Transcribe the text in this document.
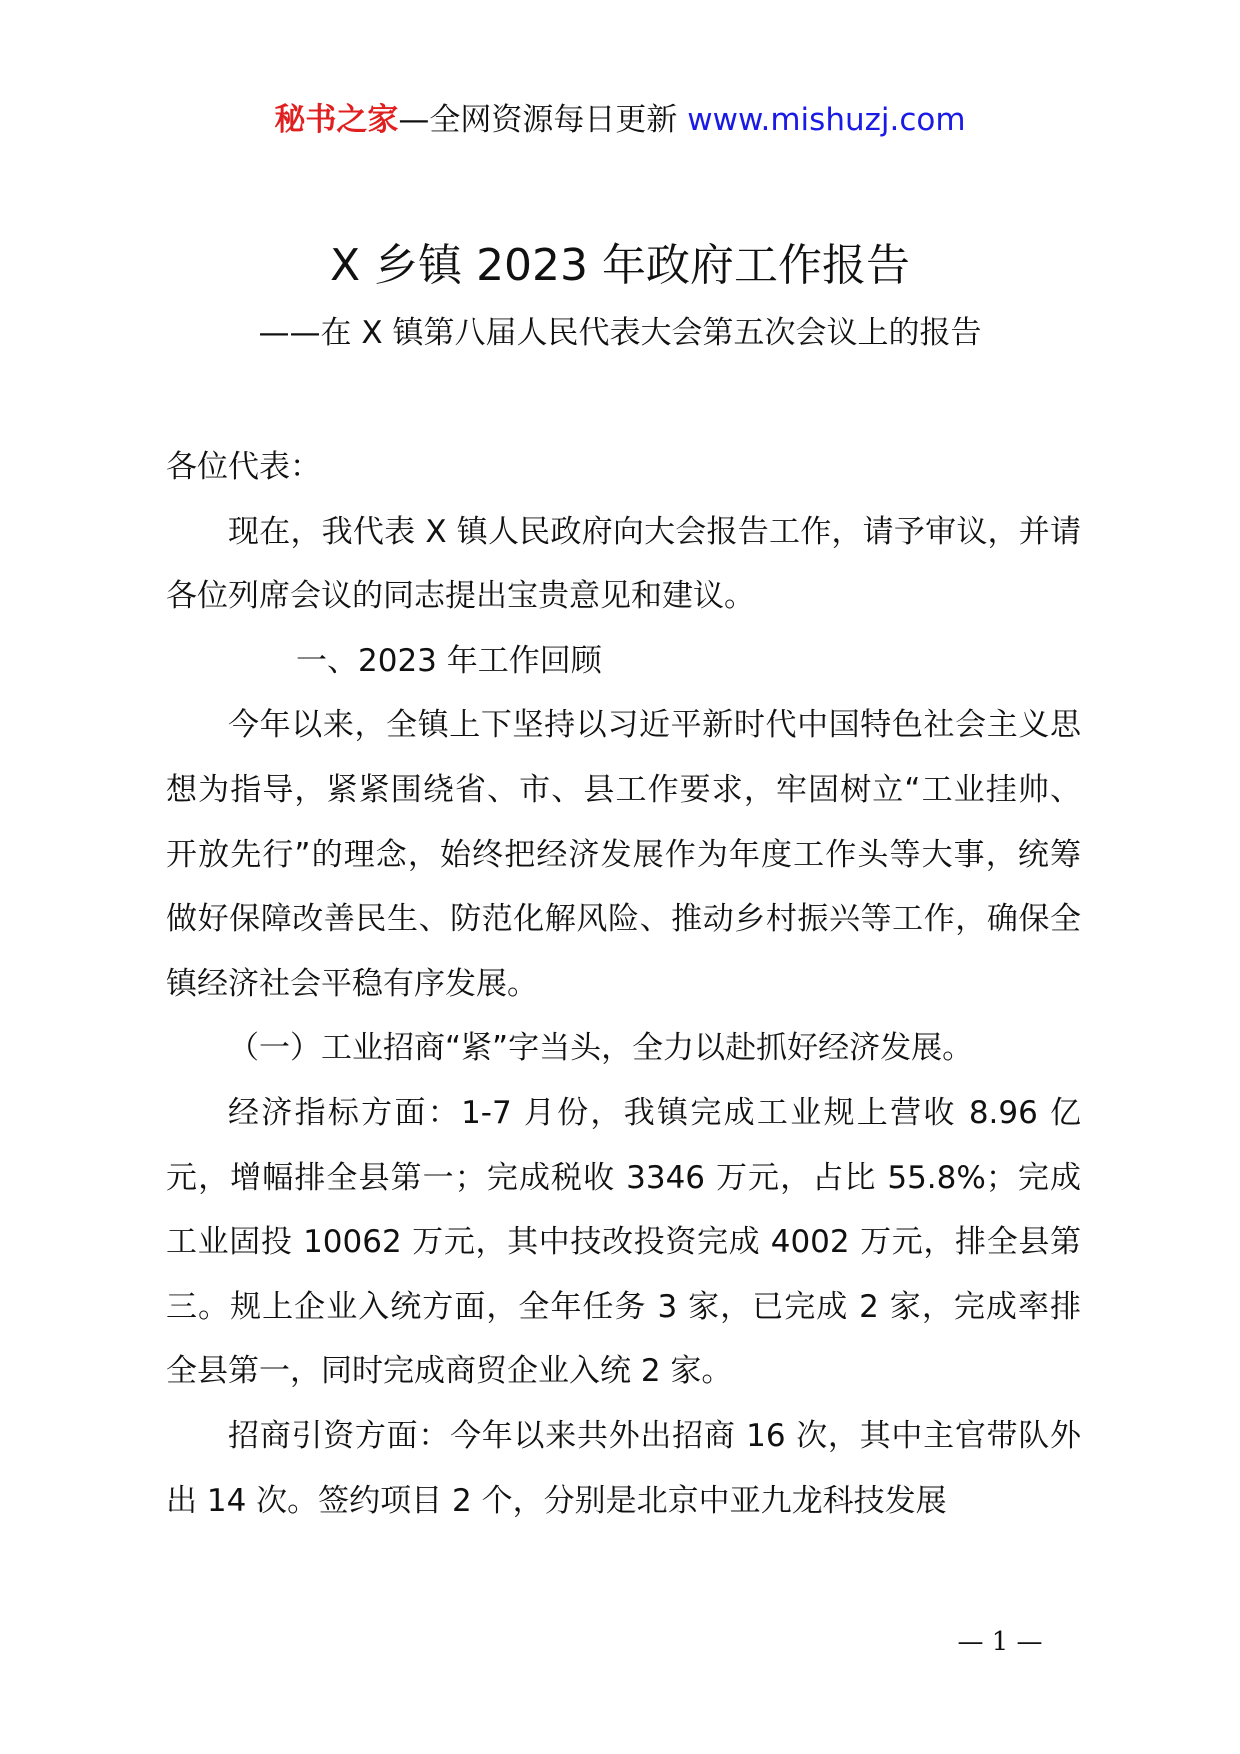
秘书之家—全网资源每日更新 www.mishuzj.com
X 乡镇 2023 年政府工作报告
——在 X 镇第八届人民代表大会第五次会议上的报告

各位代表：

现在，我代表 X 镇人民政府向大会报告工作，请予审议，并请各位列席会议的同志提出宝贵意见和建议。

一、2023 年工作回顾

今年以来，全镇上下坚持以习近平新时代中国特色社会主义思想为指导，紧紧围绕省、市、县工作要求，牢固树立“工业挂帅、开放先行”的理念，始终把经济发展作为年度工作头等大事，统筹做好保障改善民生、防范化解风险、推动乡村振兴等工作，确保全镇经济社会平稳有序发展。

（一）工业招商“紧”字当头，全力以赴抓好经济发展。

经济指标方面：1-7 月份，我镇完成工业规上营收 8.96 亿元，增幅排全县第一；完成税收 3346 万元，占比 55.8%；完成工业固投 10062 万元，其中技改投资完成 4002 万元，排全县第三。规上企业入统方面，全年任务 3 家，已完成 2 家，完成率排全县第一，同时完成商贸企业入统 2 家。

招商引资方面：今年以来共外出招商 16 次，其中主官带队外出 14 次。签约项目 2 个，分别是北京中亚九龙科技发展

— 1 —
